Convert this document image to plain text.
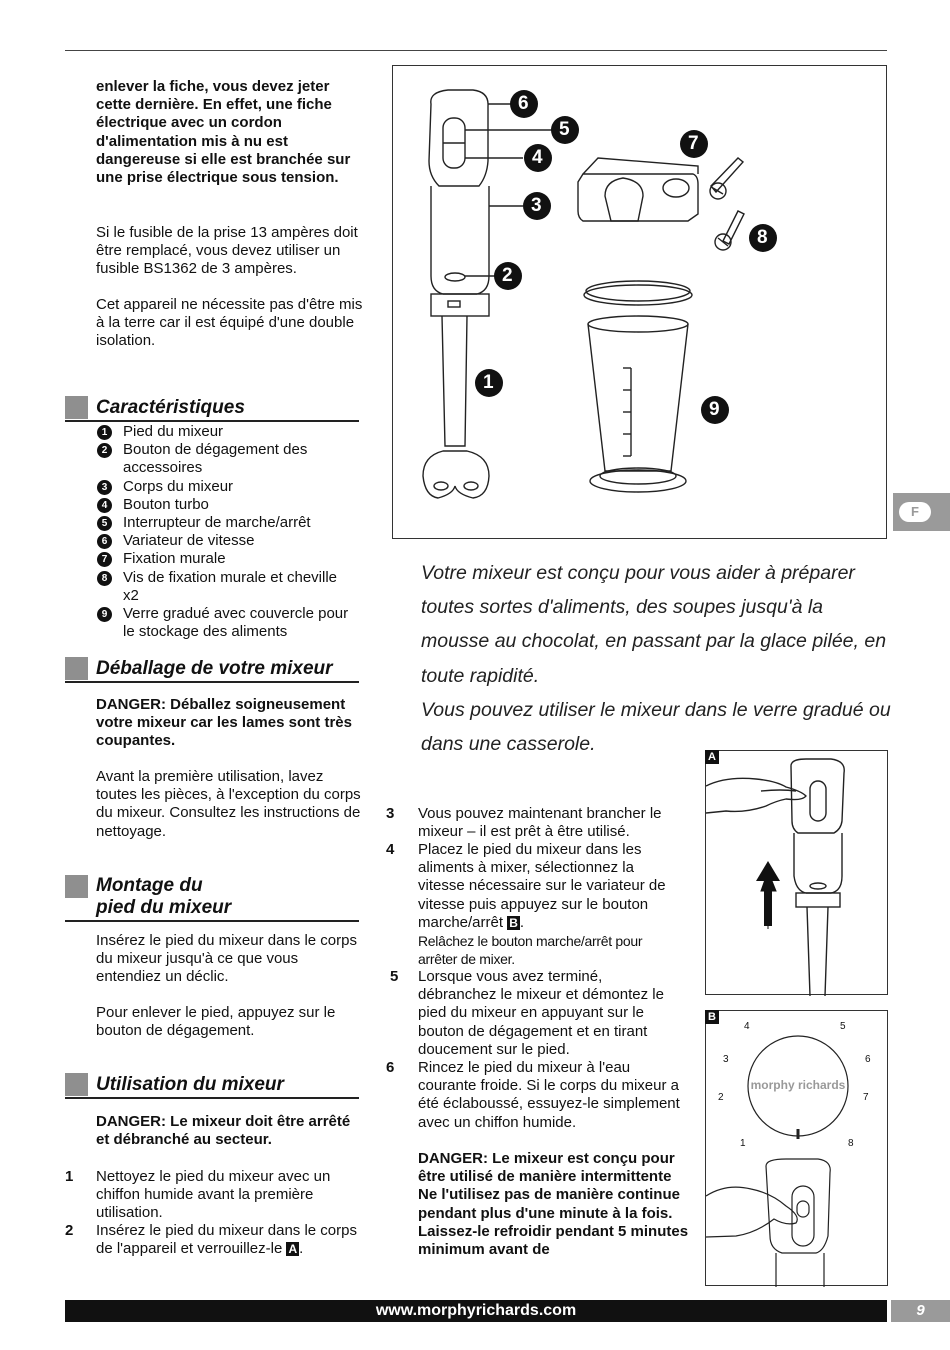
enlever la fiche, vous devez jeter cette dernière. En effet, une fiche électrique avec un cordon d'alimentation mis à nu est dangereuse si elle est branchée sur une prise électrique sous tension.

Si le fusible de la prise 13 ampères doit être remplacé, vous devez utiliser un fusible BS1362 de 3 ampères.

Cet appareil ne nécessite pas d'être mis à la terre car il est équipé d'une double isolation.

Caractéristiques
1	Pied du mixeur
2	Bouton de dégagement des accessoires
3	Corps du mixeur
4	Bouton turbo
5	Interrupteur de marche/arrêt
6	Variateur de vitesse
7	Fixation murale
8	Vis de fixation murale et cheville x2
9	Verre gradué avec couvercle pour le stockage des aliments
Déballage de votre mixeur

DANGER: Déballez soigneusement votre mixeur car les lames sont très coupantes.

Avant la première utilisation, lavez toutes les pièces, à l'exception du corps du mixeur. Consultez les instructions de nettoyage.

Montage du
pied du mixeur

Insérez le pied du mixeur dans le corps du mixeur jusqu'à ce que vous entendiez un déclic.

Pour enlever le pied, appuyez sur le bouton de dégagement.

Utilisation du mixeur

DANGER: Le mixeur doit être arrêté et débranché au secteur.

1 Nettoyez le pied du mixeur avec un chiffon humide avant la première utilisation.
2 Insérez le pied du mixeur dans le corps de l'appareil et verrouillez-le A .
6
5
4
3
2
1
7
8
9
F

Votre mixeur est conçu pour vous aider à préparer toutes sortes d'aliments, des soupes jusqu'à la mousse au chocolat, en passant par la glace pilée, en toute rapidité.

Vous pouvez utiliser le mixeur dans le verre gradué ou dans une casserole.

A
4	5
3	6
2	7
1	8
morphy richards
B
3 Vous pouvez maintenant brancher le mixeur – il est prêt à être utilisé.
4 Placez le pied du mixeur dans les aliments à mixer, sélectionnez la vitesse nécessaire sur le variateur de vitesse puis appuyez sur le bouton marche/arrêt B .
Relâchez le bouton marche/arrêt pour arrêter de mixer.
5 Lorsque vous avez terminé, débranchez le mixeur et démontez le pied du mixeur en appuyant sur le bouton de dégagement et en tirant doucement sur le pied.
6 Rincez le pied du mixeur à l'eau courante froide. Si le corps du mixeur a été éclaboussé, essuyez-le simplement avec un chiffon humide.

DANGER: Le mixeur est conçu pour être utilisé de manière intermittente Ne l'utilisez pas de manière continue pendant plus d'une minute à la fois. Laissez-le refroidir pendant 5 minutes minimum avant de

www.morphyrichards.com	9
